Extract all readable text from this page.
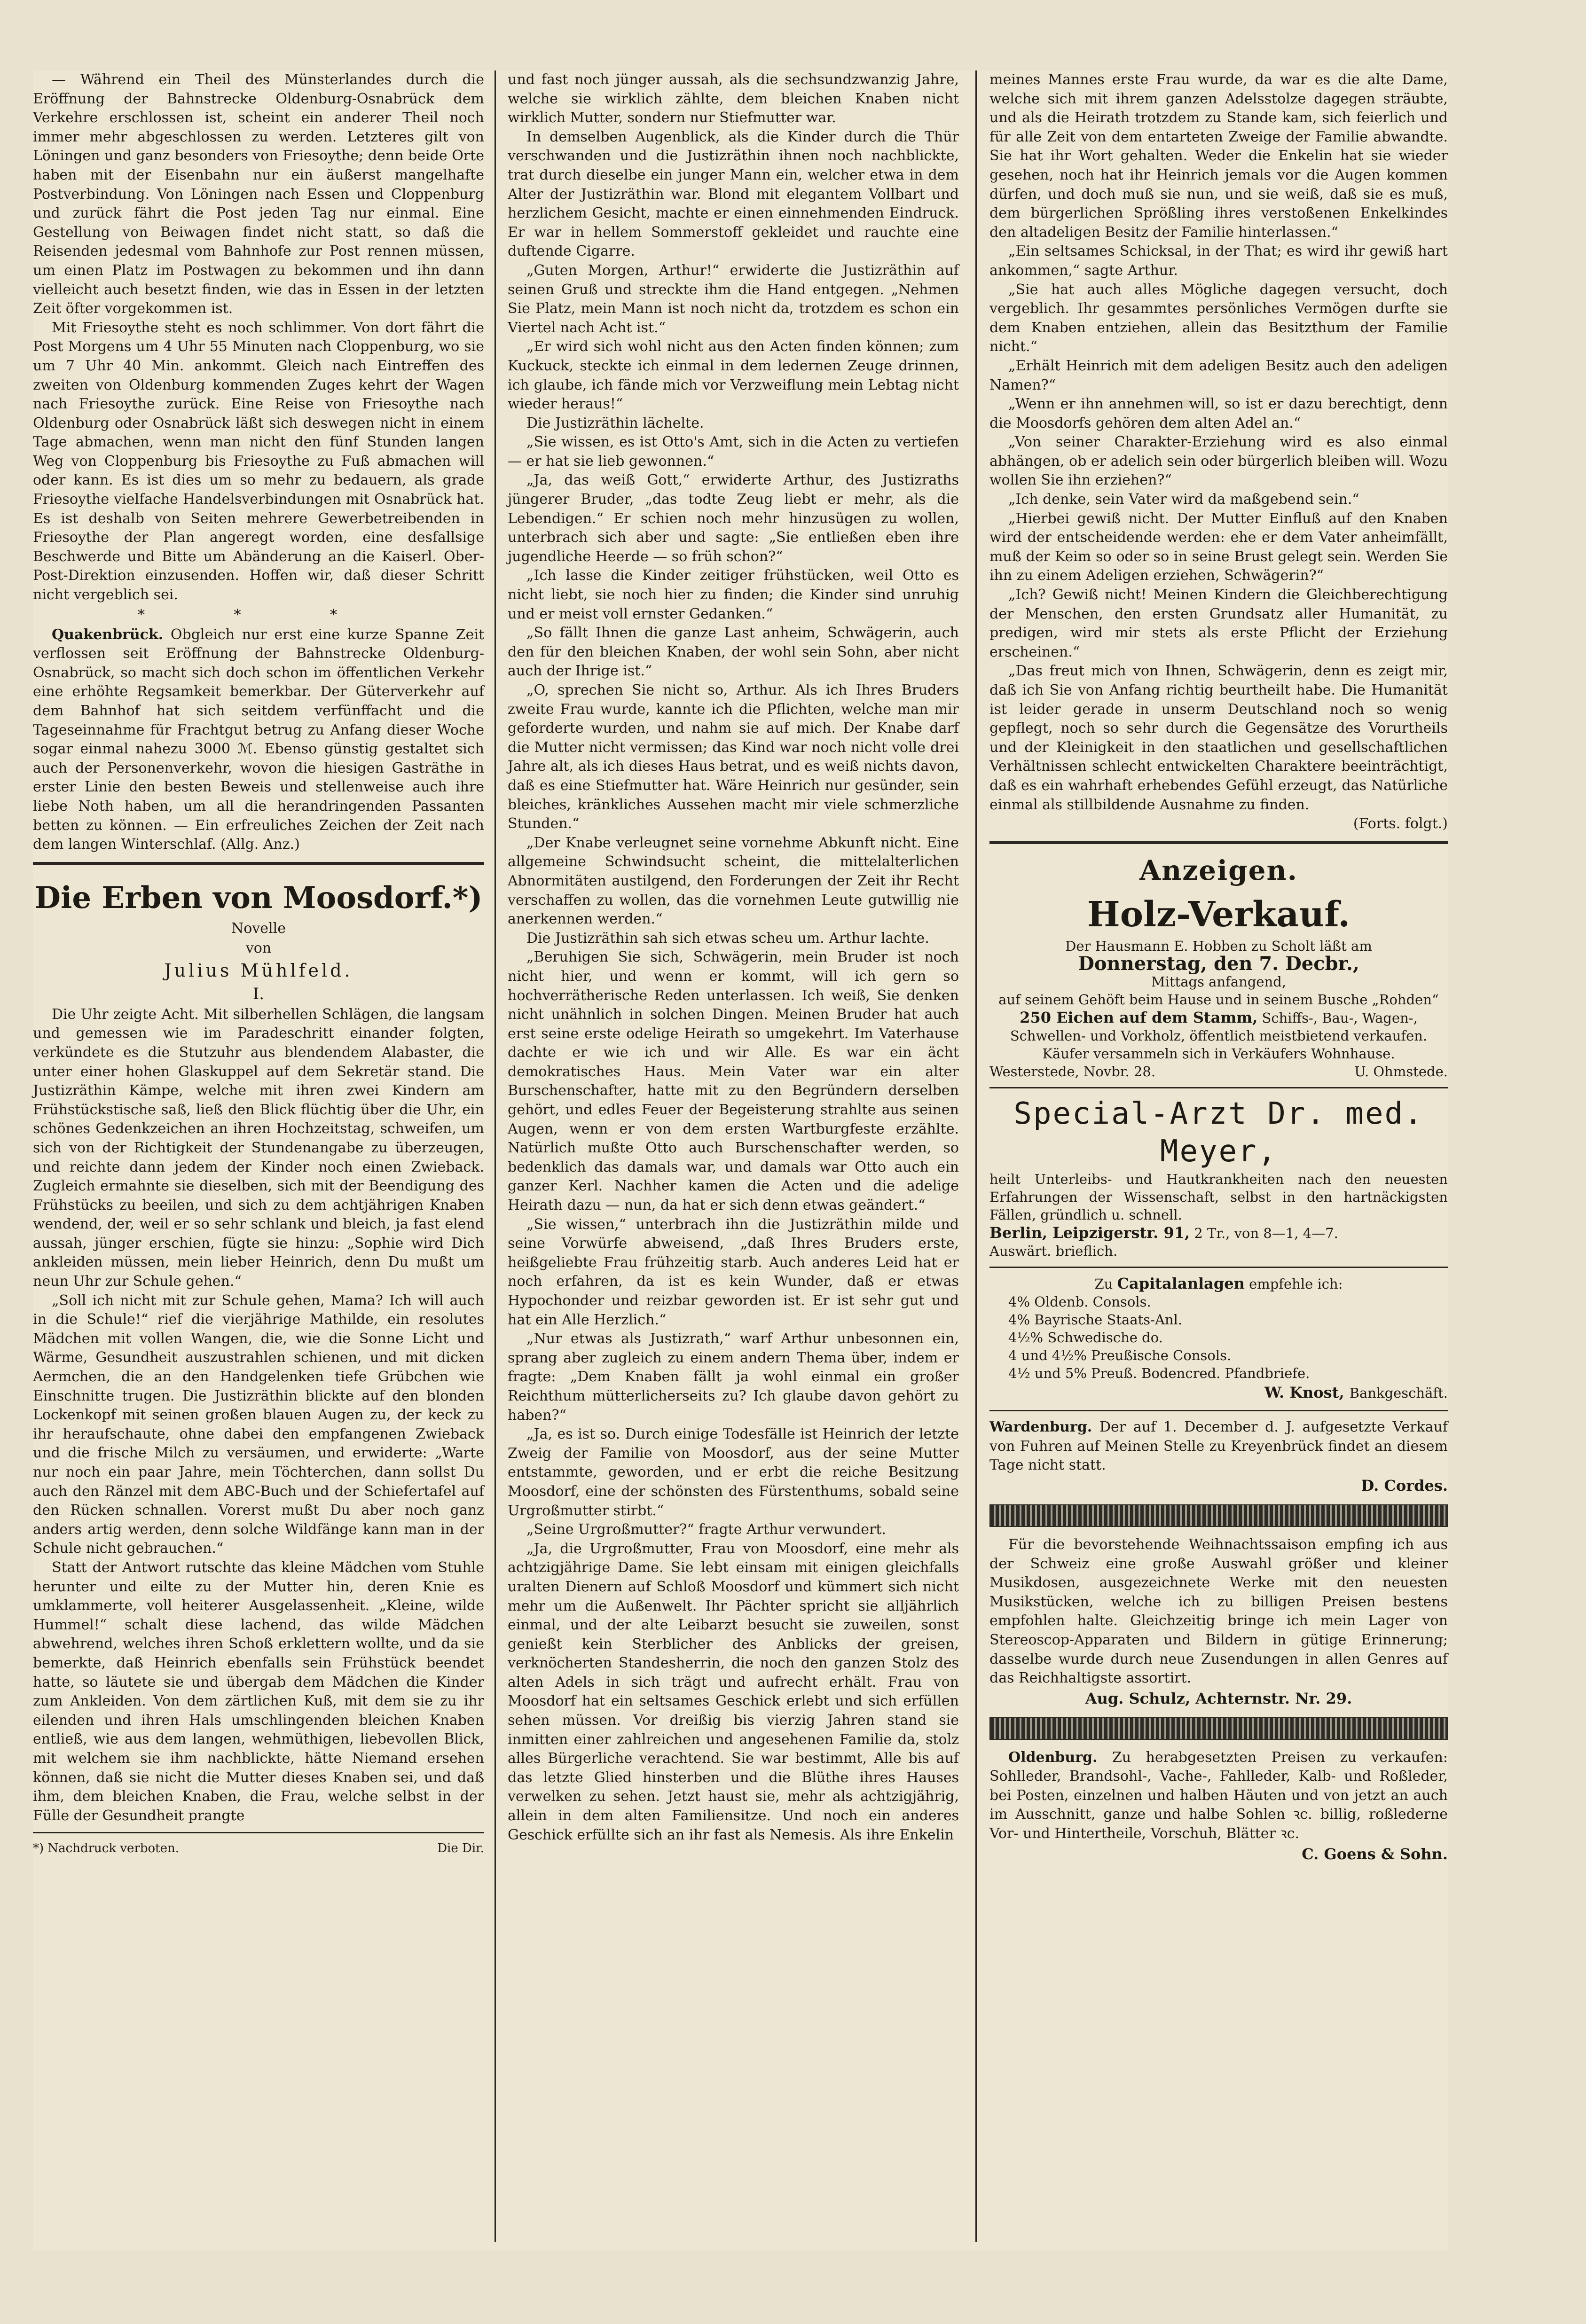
— Während ein Theil des Münsterlandes durch die Eröffnung der Bahnstrecke Oldenburg-Osnabrück dem Verkehre erschlossen ist, scheint ein anderer Theil noch immer mehr abgeschlossen zu werden. Letzteres gilt von Löningen und ganz besonders von Friesoythe; denn beide Orte haben mit der Eisenbahn nur ein äußerst mangelhafte Postverbindung. Von Löningen nach Essen und Cloppenburg und zurück fährt die Post jeden Tag nur einmal. Eine Gestellung von Beiwagen findet nicht statt, so daß die Reisenden jedesmal vom Bahnhofe zur Post rennen müssen, um einen Platz im Postwagen zu bekommen und ihn dann vielleicht auch besetzt finden, wie das in Essen in der letzten Zeit öfter vorgekommen ist.

Mit Friesoythe steht es noch schlimmer. Von dort fährt die Post Morgens um 4 Uhr 55 Minuten nach Cloppenburg, wo sie um 7 Uhr 40 Min. ankommt. Gleich nach Eintreffen des zweiten von Oldenburg kommenden Zuges kehrt der Wagen nach Friesoythe zurück. Eine Reise von Friesoythe nach Oldenburg oder Osnabrück läßt sich deswegen nicht in einem Tage abmachen, wenn man nicht den fünf Stunden langen Weg von Cloppenburg bis Friesoythe zu Fuß abmachen will oder kann. Es ist dies um so mehr zu bedauern, als grade Friesoythe vielfache Handelsverbindungen mit Osnabrück hat. Es ist deshalb von Seiten mehrere Gewerbetreibenden in Friesoythe der Plan angeregt worden, eine desfallsige Beschwerde und Bitte um Abänderung an die Kaiserl. Ober-Post-Direktion einzusenden. Hoffen wir, daß dieser Schritt nicht vergeblich sei.

* * *

Quakenbrück. Obgleich nur erst eine kurze Spanne Zeit verflossen seit Eröffnung der Bahnstrecke Oldenburg-Osnabrück, so macht sich doch schon im öffentlichen Verkehr eine erhöhte Regsamkeit bemerkbar. Der Güterverkehr auf dem Bahnhof hat sich seitdem verfünffacht und die Tageseinnahme für Frachtgut betrug zu Anfang dieser Woche sogar einmal nahezu 3000 ℳ. Ebenso günstig gestaltet sich auch der Personenverkehr, wovon die hiesigen Gasträthe in erster Linie den besten Beweis und stellenweise auch ihre liebe Noth haben, um all die herandringenden Passanten betten zu können. — Ein erfreuliches Zeichen der Zeit nach dem langen Winterschlaf. (Allg. Anz.)

Die Erben von Moosdorf.*)
Novelle
von
Julius Mühlfeld.
I.

Die Uhr zeigte Acht. Mit silberhellen Schlägen, die langsam und gemessen wie im Paradeschritt einander folgten, verkündete es die Stutzuhr aus blendendem Alabaster, die unter einer hohen Glaskuppel auf dem Sekretär stand. Die Justizräthin Kämpe, welche mit ihren zwei Kindern am Frühstückstische saß, ließ den Blick flüchtig über die Uhr, ein schönes Gedenkzeichen an ihren Hochzeitstag, schweifen, um sich von der Richtigkeit der Stundenangabe zu überzeugen, und reichte dann jedem der Kinder noch einen Zwieback. Zugleich ermahnte sie dieselben, sich mit der Beendigung des Frühstücks zu beeilen, und sich zu dem achtjährigen Knaben wendend, der, weil er so sehr schlank und bleich, ja fast elend aussah, jünger erschien, fügte sie hinzu: „Sophie wird Dich ankleiden müssen, mein lieber Heinrich, denn Du mußt um neun Uhr zur Schule gehen.“

„Soll ich nicht mit zur Schule gehen, Mama? Ich will auch in die Schule!“ rief die vierjährige Mathilde, ein resolutes Mädchen mit vollen Wangen, die, wie die Sonne Licht und Wärme, Gesundheit auszustrahlen schienen, und mit dicken Aermchen, die an den Handgelenken tiefe Grübchen wie Einschnitte trugen. Die Justizräthin blickte auf den blonden Lockenkopf mit seinen großen blauen Augen zu, der keck zu ihr heraufschaute, ohne dabei den empfangenen Zwieback und die frische Milch zu versäumen, und erwiderte: „Warte nur noch ein paar Jahre, mein Töchterchen, dann sollst Du auch den Ränzel mit dem ABC-Buch und der Schiefertafel auf den Rücken schnallen. Vorerst mußt Du aber noch ganz anders artig werden, denn solche Wildfänge kann man in der Schule nicht gebrauchen.“

Statt der Antwort rutschte das kleine Mädchen vom Stuhle herunter und eilte zu der Mutter hin, deren Knie es umklammerte, voll heiterer Ausgelassenheit. „Kleine, wilde Hummel!“ schalt diese lachend, das wilde Mädchen abwehrend, welches ihren Schoß erklettern wollte, und da sie bemerkte, daß Heinrich ebenfalls sein Frühstück beendet hatte, so läutete sie und übergab dem Mädchen die Kinder zum Ankleiden. Von dem zärtlichen Kuß, mit dem sie zu ihr eilenden und ihren Hals umschlingenden bleichen Knaben entließ, wie aus dem langen, wehmüthigen, liebevollen Blick, mit welchem sie ihm nachblickte, hätte Niemand ersehen können, daß sie nicht die Mutter dieses Knaben sei, und daß ihm, dem bleichen Knaben, die Frau, welche selbst in der Fülle der Gesundheit prangte

*) Nachdruck verboten.	Die Dir.

und fast noch jünger aussah, als die sechsundzwanzig Jahre, welche sie wirklich zählte, dem bleichen Knaben nicht wirklich Mutter, sondern nur Stiefmutter war.

In demselben Augenblick, als die Kinder durch die Thür verschwanden und die Justizräthin ihnen noch nachblickte, trat durch dieselbe ein junger Mann ein, welcher etwa in dem Alter der Justizräthin war. Blond mit elegantem Vollbart und herzlichem Gesicht, machte er einen einnehmenden Eindruck. Er war in hellem Sommerstoff gekleidet und rauchte eine duftende Cigarre.

„Guten Morgen, Arthur!“ erwiderte die Justizräthin auf seinen Gruß und streckte ihm die Hand entgegen. „Nehmen Sie Platz, mein Mann ist noch nicht da, trotzdem es schon ein Viertel nach Acht ist.“

„Er wird sich wohl nicht aus den Acten finden können; zum Kuckuck, steckte ich einmal in dem ledernen Zeuge drinnen, ich glaube, ich fände mich vor Verzweiflung mein Lebtag nicht wieder heraus!“

Die Justizräthin lächelte.

„Sie wissen, es ist Otto's Amt, sich in die Acten zu vertiefen — er hat sie lieb gewonnen.“

„Ja, das weiß Gott,“ erwiderte Arthur, des Justizraths jüngerer Bruder, „das todte Zeug liebt er mehr, als die Lebendigen.“ Er schien noch mehr hinzusügen zu wollen, unterbrach sich aber und sagte: „Sie entließen eben ihre jugendliche Heerde — so früh schon?“

„Ich lasse die Kinder zeitiger frühstücken, weil Otto es nicht liebt, sie noch hier zu finden; die Kinder sind unruhig und er meist voll ernster Gedanken.“

„So fällt Ihnen die ganze Last anheim, Schwägerin, auch den für den bleichen Knaben, der wohl sein Sohn, aber nicht auch der Ihrige ist.“

„O, sprechen Sie nicht so, Arthur. Als ich Ihres Bruders zweite Frau wurde, kannte ich die Pflichten, welche man mir geforderte wurden, und nahm sie auf mich. Der Knabe darf die Mutter nicht vermissen; das Kind war noch nicht volle drei Jahre alt, als ich dieses Haus betrat, und es weiß nichts davon, daß es eine Stiefmutter hat. Wäre Heinrich nur gesünder, sein bleiches, kränkliches Aussehen macht mir viele schmerzliche Stunden.“

„Der Knabe verleugnet seine vornehme Abkunft nicht. Eine allgemeine Schwindsucht scheint, die mittelalterlichen Abnormitäten austilgend, den Forderungen der Zeit ihr Recht verschaffen zu wollen, das die vornehmen Leute gutwillig nie anerkennen werden.“

Die Justizräthin sah sich etwas scheu um. Arthur lachte.

„Beruhigen Sie sich, Schwägerin, mein Bruder ist noch nicht hier, und wenn er kommt, will ich gern so hochverrätherische Reden unterlassen. Ich weiß, Sie denken nicht unähnlich in solchen Dingen. Meinen Bruder hat auch erst seine erste odelige Heirath so umgekehrt. Im Vaterhause dachte er wie ich und wir Alle. Es war ein ächt demokratisches Haus. Mein Vater war ein alter Burschenschafter, hatte mit zu den Begründern derselben gehört, und edles Feuer der Begeisterung strahlte aus seinen Augen, wenn er von dem ersten Wartburgfeste erzählte. Natürlich mußte Otto auch Burschenschafter werden, so bedenklich das damals war, und damals war Otto auch ein ganzer Kerl. Nachher kamen die Acten und die adelige Heirath dazu — nun, da hat er sich denn etwas geändert.“

„Sie wissen,“ unterbrach ihn die Justizräthin milde und seine Vorwürfe abweisend, „daß Ihres Bruders erste, heißgeliebte Frau frühzeitig starb. Auch anderes Leid hat er noch erfahren, da ist es kein Wunder, daß er etwas Hypochonder und reizbar geworden ist. Er ist sehr gut und hat ein Alle Herzlich.“

„Nur etwas als Justizrath,“ warf Arthur unbesonnen ein, sprang aber zugleich zu einem andern Thema über, indem er fragte: „Dem Knaben fällt ja wohl einmal ein großer Reichthum mütterlicherseits zu? Ich glaube davon gehört zu haben?“

„Ja, es ist so. Durch einige Todesfälle ist Heinrich der letzte Zweig der Familie von Moosdorf, aus der seine Mutter entstammte, geworden, und er erbt die reiche Besitzung Moosdorf, eine der schönsten des Fürstenthums, sobald seine Urgroßmutter stirbt.“

„Seine Urgroßmutter?“ fragte Arthur verwundert.

„Ja, die Urgroßmutter, Frau von Moosdorf, eine mehr als achtzigjährige Dame. Sie lebt einsam mit einigen gleichfalls uralten Dienern auf Schloß Moosdorf und kümmert sich nicht mehr um die Außenwelt. Ihr Pächter spricht sie alljährlich einmal, und der alte Leibarzt besucht sie zuweilen, sonst genießt kein Sterblicher des Anblicks der greisen, verknöcherten Standesherrin, die noch den ganzen Stolz des alten Adels in sich trägt und aufrecht erhält. Frau von Moosdorf hat ein seltsames Geschick erlebt und sich erfüllen sehen müssen. Vor dreißig bis vierzig Jahren stand sie inmitten einer zahlreichen und angesehenen Familie da, stolz alles Bürgerliche verachtend. Sie war bestimmt, Alle bis auf das letzte Glied hinsterben und die Blüthe ihres Hauses verwelken zu sehen. Jetzt haust sie, mehr als achtzigjährig, allein in dem alten Familiensitze. Und noch ein anderes Geschick erfüllte sich an ihr fast als Nemesis. Als ihre Enkelin

meines Mannes erste Frau wurde, da war es die alte Dame, welche sich mit ihrem ganzen Adelsstolze dagegen sträubte, und als die Heirath trotzdem zu Stande kam, sich feierlich und für alle Zeit von dem entarteten Zweige der Familie abwandte. Sie hat ihr Wort gehalten. Weder die Enkelin hat sie wieder gesehen, noch hat ihr Heinrich jemals vor die Augen kommen dürfen, und doch muß sie nun, und sie weiß, daß sie es muß, dem bürgerlichen Sprößling ihres verstoßenen Enkelkindes den altadeligen Besitz der Familie hinterlassen.“

„Ein seltsames Schicksal, in der That; es wird ihr gewiß hart ankommen,“ sagte Arthur.

„Sie hat auch alles Mögliche dagegen versucht, doch vergeblich. Ihr gesammtes persönliches Vermögen durfte sie dem Knaben entziehen, allein das Besitzthum der Familie nicht.“

„Erhält Heinrich mit dem adeligen Besitz auch den adeligen Namen?“

„Wenn er ihn annehmen will, so ist er dazu berechtigt, denn die Moosdorfs gehören dem alten Adel an.“

„Von seiner Charakter-Erziehung wird es also einmal abhängen, ob er adelich sein oder bürgerlich bleiben will. Wozu wollen Sie ihn erziehen?“

„Ich denke, sein Vater wird da maßgebend sein.“

„Hierbei gewiß nicht. Der Mutter Einfluß auf den Knaben wird der entscheidende werden: ehe er dem Vater anheimfällt, muß der Keim so oder so in seine Brust gelegt sein. Werden Sie ihn zu einem Adeligen erziehen, Schwägerin?“

„Ich? Gewiß nicht! Meinen Kindern die Gleichberechtigung der Menschen, den ersten Grundsatz aller Humanität, zu predigen, wird mir stets als erste Pflicht der Erziehung erscheinen.“

„Das freut mich von Ihnen, Schwägerin, denn es zeigt mir, daß ich Sie von Anfang richtig beurtheilt habe. Die Humanität ist leider gerade in unserm Deutschland noch so wenig gepflegt, noch so sehr durch die Gegensätze des Vorurtheils und der Kleinigkeit in den staatlichen und gesellschaftlichen Verhältnissen schlecht entwickelten Charaktere beeinträchtigt, daß es ein wahrhaft erhebendes Gefühl erzeugt, das Natürliche einmal als stillbildende Ausnahme zu finden.

(Forts. folgt.)
Anzeigen.
Holz-Verkauf.
Der Hausmann E. Hobben zu Scholt läßt am
Donnerstag, den 7. Decbr.,
Mittags anfangend,
auf seinem Gehöft beim Hause und in seinem Busche „Rohden“
250 Eichen auf dem Stamm, Schiffs-, Bau-, Wagen-, Schwellen- und Vorkholz, öffentlich meistbietend verkaufen.
Käufer versammeln sich in Verkäufers Wohnhause.
Westerstede, Novbr. 28.	U. Ohmstede.
Special-Arzt Dr. med. Meyer,
heilt Unterleibs- und Hautkrankheiten nach den neuesten Erfahrungen der Wissenschaft, selbst in den hartnäckigsten Fällen, gründlich u. schnell.
Berlin, Leipzigerstr. 91, 2 Tr., von 8—1, 4—7.
Auswärt. brieflich.
Zu Capitalanlagen empfehle ich:
4% Oldenb. Consols.
4% Bayrische Staats-Anl.
4½% Schwedische do.
4 und 4½% Preußische Consols.
4½ und 5% Preuß. Bodencred. Pfandbriefe.
W. Knost, Bankgeschäft.

Wardenburg. Der auf 1. December d. J. aufgesetzte Verkauf von Fuhren auf Meinen Stelle zu Kreyenbrück findet an diesem Tage nicht statt.

D. Cordes.

Für die bevorstehende Weihnachtssaison empfing ich aus der Schweiz eine große Auswahl größer und kleiner Musikdosen, ausgezeichnete Werke mit den neuesten Musikstücken, welche ich zu billigen Preisen bestens empfohlen halte. Gleichzeitig bringe ich mein Lager von Stereoscop-Apparaten und Bildern in gütige Erinnerung; dasselbe wurde durch neue Zusendungen in allen Genres auf das Reichhaltigste assortirt.

Aug. Schulz, Achternstr. Nr. 29.

Oldenburg. Zu herabgesetzten Preisen zu verkaufen: Sohlleder, Brandsohl-, Vache-, Fahlleder, Kalb- und Roßleder, bei Posten, einzelnen und halben Häuten und von jetzt an auch im Ausschnitt, ganze und halbe Sohlen ꝛc. billig, roßlederne Vor- und Hintertheile, Vorschuh, Blätter ꝛc.

C. Goens & Sohn.
